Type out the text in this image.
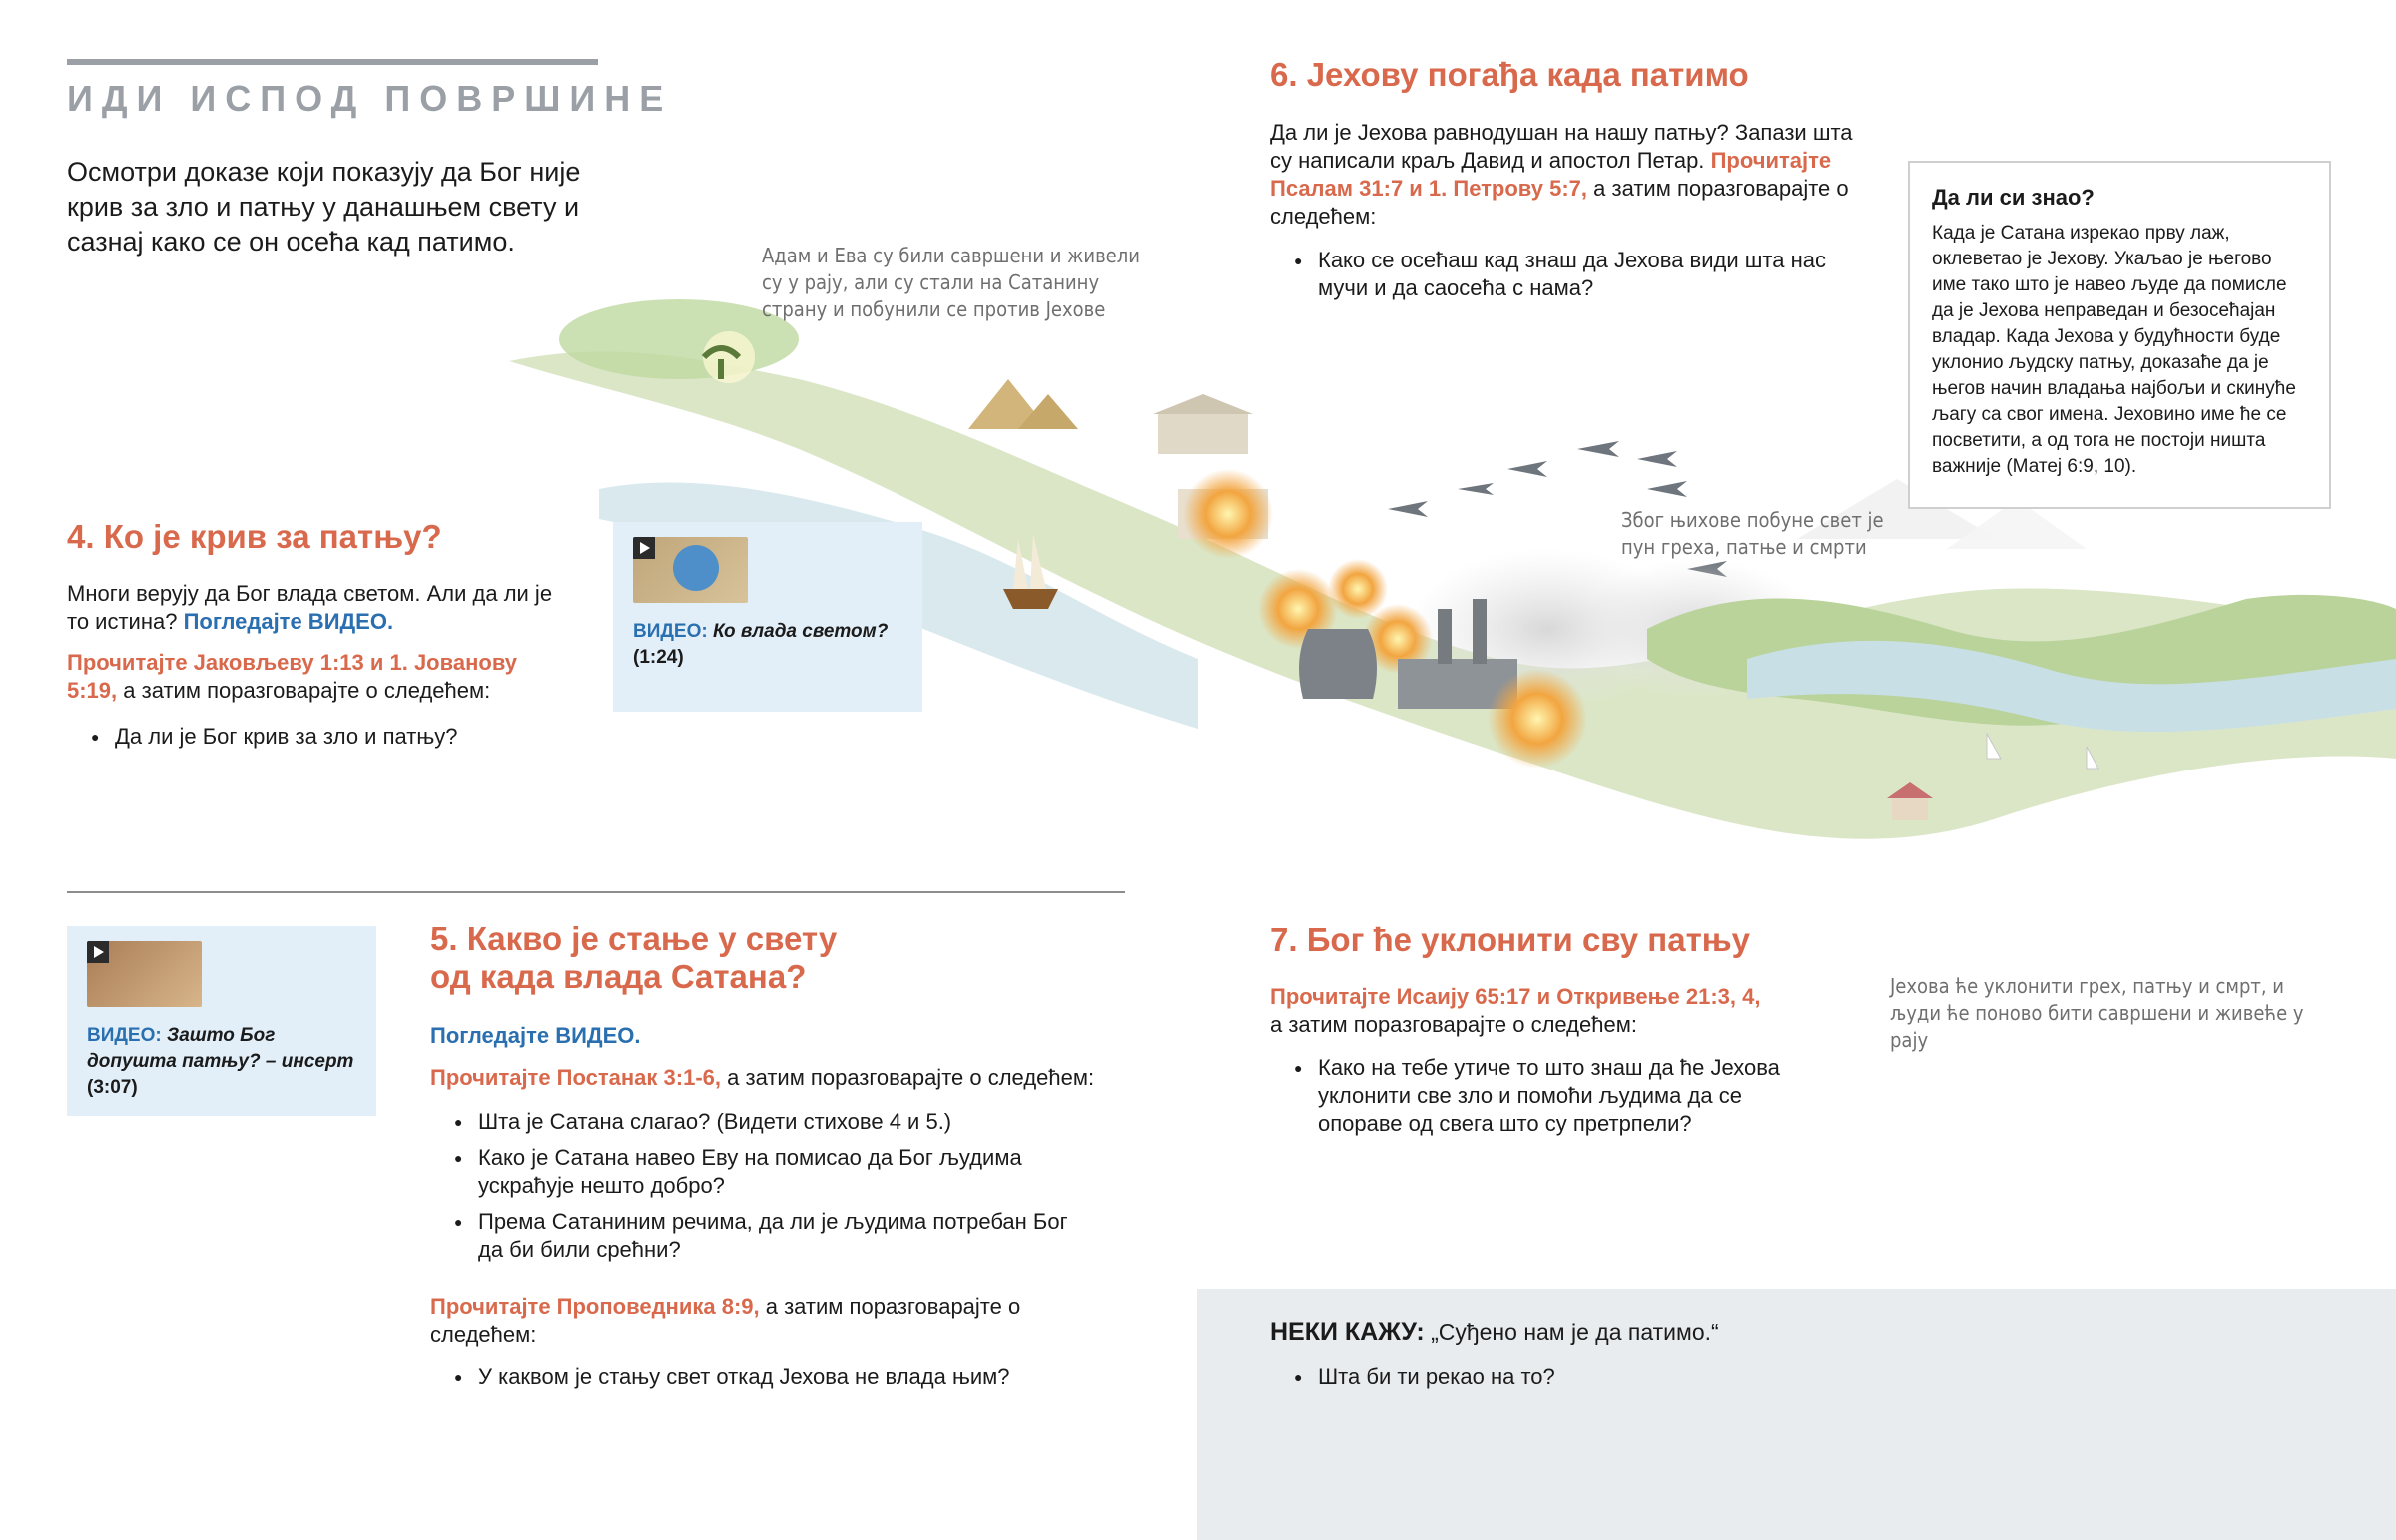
ИДИ ИСПОД ПОВРШИНЕ
Осмотри доказе који показују да Бог није крив за зло и патњу у данашњем свету и сазнај како се он осећа кад патимо.	Адам и Ева су били савршени и живели су у рају, али су стали на Сатанину страну и побунили се против Јехове
Због њихове побуне свет је пун греха, патње и смрти
Јехова ће уклонити грех, патњу и смрт, и људи ће поново бити савршени и живеће у рају
4. Ко је крив за патњу?

Многи верују да Бог влада светом. Али да ли је то истина? Погледајте ВИДЕО.

Прочитајте Јаковљеву 1:13 и 1. Јованову 5:19, а затим поразговарајте о следећем:

● Да ли је Бог крив за зло и патњу?
ВИДЕО: Ко влада светом?
(1:24)
ВИДЕО: Зашто Бог допушта патњу? – инсерт (3:07)
5. Какво је стање у свету
од када влада Сатана?

Погледајте ВИДЕО.

Прочитајте Постанак 3:1-6, а затим поразговарајте о следећем:

● Шта је Сатана слагао? (Видети стихове 4 и 5.)
● Како је Сатана навео Еву на помисао да Бог људима ускраћује нешто добро?
● Према Сатаниним речима, да ли је људима потребан Бог да би били срећни?

Прочитајте Проповедника 8:9, а затим поразговарајте о следећем:

● У каквом је стању свет откад Јехова не влада њим?
6. Јехову погађа када патимо

Да ли је Јехова равнодушан на нашу патњу? Запази шта су написали краљ Давид и апостол Петар. Прочитајте Псалам 31:7 и 1. Петрову 5:7, а затим поразговарајте о следећем:

● Како се осећаш кад знаш да Јехова види шта нас мучи и да саосећа с нама?
Да ли си знао?
Када је Сатана изрекао прву лаж, оклеветао је Јехову. Укаљао је његово име тако што је навео људе да помисле да је Јехова неправедан и безосећајан владар. Када Јехова у будућности буде уклонио људску патњу, доказаће да је његов начин владања најбољи и скинуће љагу са свог имена. Јеховино име ће се посветити, а од тога не постоји ништа важније (Матеј 6:9, 10).
7. Бог ће уклонити сву патњу

Прочитајте Исаију 65:17 и Откривење 21:3, 4,
а затим поразговарајте о следећем:

● Како на тебе утиче то што знаш да ће Јехова уклонити све зло и помоћи људима да се опораве од свега што су претрпели?
НЕКИ КАЖУ: „Суђено нам је да патимо.“
● Шта би ти рекао на то?
